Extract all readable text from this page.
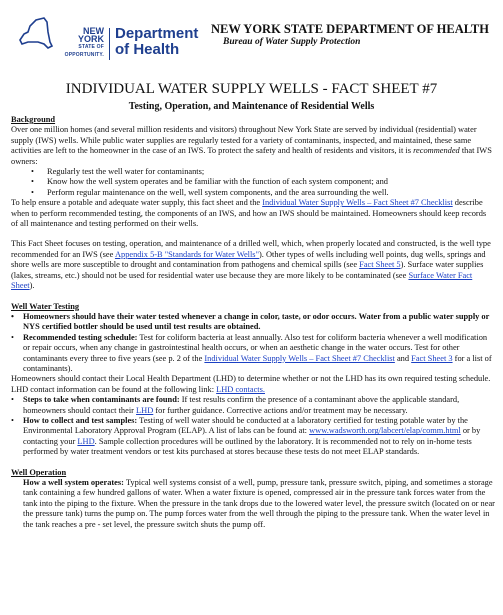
NEW YORK
STATE OF
OPPORTUNITY.
Department
of Health
NEW YORK STATE DEPARTMENT OF HEALTH
Bureau of Water Supply Protection
INDIVIDUAL WATER SUPPLY WELLS - FACT SHEET #7
Testing, Operation, and Maintenance of Residential Wells
Background

Over one million homes (and several million residents and visitors) throughout New York State are served by individual (residential) water supply (IWS) wells. While public water supplies are regularly tested for a variety of contaminants, inspected, and maintained, these same activities are left to the homeowner in the case of an IWS. To protect the safety and health of residents and visitors, it is recommended that IWS owners:

• Regularly test the well water for contaminants;
• Know how the well system operates and be familiar with the function of each system component; and
• Perform regular maintenance on the well, well system components, and the area surrounding the well.

To help ensure a potable and adequate water supply, this fact sheet and the Individual Water Supply Wells – Fact Sheet #7 Checklist describe when to perform recommended testing, the components of an IWS, and how an IWS should be maintained. Homeowners should keep records of all maintenance and testing performed on their wells.

This Fact Sheet focuses on testing, operation, and maintenance of a drilled well, which, when properly located and constructed, is the well type recommended for an IWS (see Appendix 5-B "Standards for Water Wells"). Other types of wells including well points, dug wells, springs and shore wells are more susceptible to drought and contamination from pathogens and chemical spills (see Fact Sheet 5). Surface water supplies (lakes, streams, etc.) should not be used for residential water use because they are more likely to be contaminated (see Surface Water Fact Sheet).

Well Water Testing

• Homeowners should have their water tested whenever a change in color, taste, or odor occurs. Water from a public water supply or NYS certified bottler should be used until test results are obtained.

• Recommended testing schedule: Test for coliform bacteria at least annually. Also test for coliform bacteria whenever a well modification or repair occurs, when any change in gastrointestinal health occurs, or when an aesthetic change in the water occurs. Test for other contaminants every three to five years (see p. 2 of the Individual Water Supply Wells – Fact Sheet #7 Checklist and Fact Sheet 3 for a list of contaminants).

Homeowners should contact their Local Health Department (LHD) to determine whether or not the LHD has its own required testing schedule. LHD contact information can be found at the following link: LHD contacts.

• Steps to take when contaminants are found: If test results confirm the presence of a contaminant above the applicable standard, homeowners should contact their LHD for further guidance. Corrective actions and/or treatment may be necessary.

• How to collect and test samples: Testing of well water should be conducted at a laboratory certified for testing potable water by the Environmental Laboratory Approval Program (ELAP). A list of labs can be found at: www.wadsworth.org/labcert/elap/comm.html or by contacting your LHD. Sample collection procedures will be outlined by the laboratory. It is recommended not to rely on in-home tests performed by water treatment vendors or test kits purchased at stores because these tests do not meet ELAP standards.

Well Operation

How a well system operates: Typical well systems consist of a well, pump, pressure tank, pressure switch, piping, and sometimes a storage tank containing a few hundred gallons of water. When a water fixture is opened, compressed air in the pressure tank forces water from the tank into the piping to the fixture. When the pressure in the tank drops due to the lowered water level, the pressure switch (located on or near the pressure tank) turns the pump on. The pump forces water from the well through the piping to the pressure tank. When the water level in the tank reaches a pre - set level, the pressure switch shuts the pump off.
